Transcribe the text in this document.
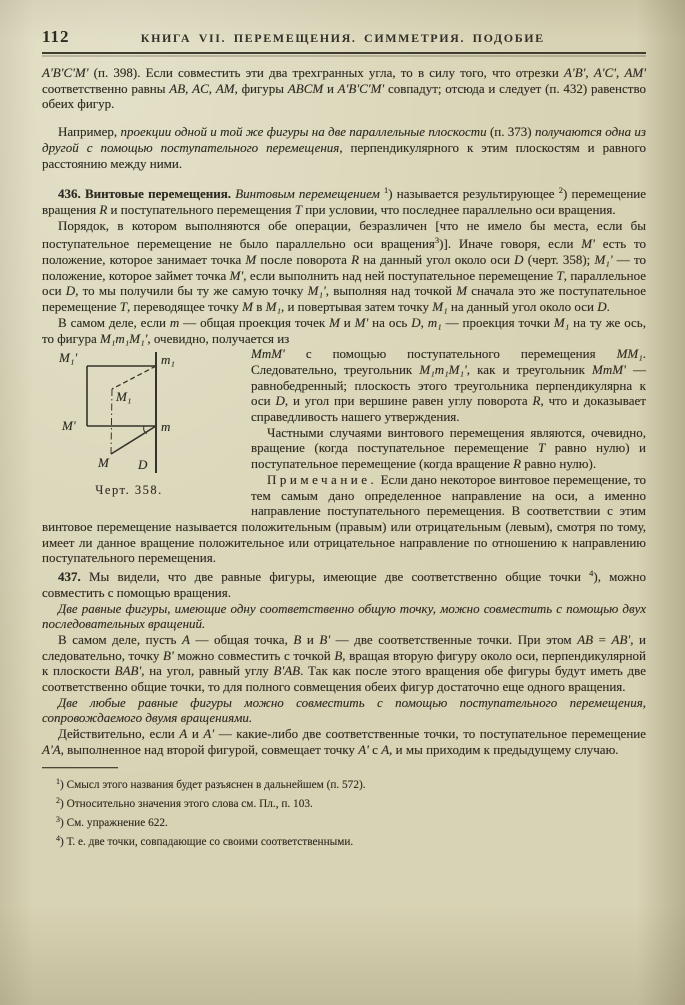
112	КНИГА VII. ПЕРЕМЕЩЕНИЯ. СИММЕТРИЯ. ПОДОБИЕ

A'B'C'M' (п. 398). Если совместить эти два трехгранных угла, то в силу того, что отрезки A'B', A'C', AM' соответственно равны AB, AC, AM, фигуры ABCM и A'B'C'M' совпадут; отсюда и следует (п. 432) равенство обеих фигур.

Например, проекции одной и той же фигуры на две параллельные плоскости (п. 373) получаются одна из другой с помощью поступательного перемещения, перпендикулярного к этим плоскостям и равного расстоянию между ними.

436. Винтовые перемещения. Винтовым перемещением $^1$) называется результирующее $^2$) перемещение вращения R и поступательного перемещения T при условии, что последнее параллельно оси вращения.

Порядок, в котором выполняются обе операции, безразличен [что не имело бы места, если бы поступательное перемещение не было параллельно оси вращения$^3$)]. Иначе говоря, если M' есть то положение, которое занимает точка M после поворота R на данный угол около оси D (черт. 358); M₁' — то положение, которое займет точка M', если выполнить над ней поступательное перемещение T, параллельное оси D, то мы получили бы ту же самую точку M₁', выполняя над точкой M сначала это же поступательное перемещение T, переводящее точку M в M₁, и повертывая затем точку M₁ на данный угол около оси D.

В самом деле, если m — общая проекция точек M и M' на ось D, m₁ — проекция точки M₁ на ту же ось, то фигура M₁m₁M₁', очевидно, получается из

M₁'	m₁
M₁
M'	m
M D
Черт. 358.

MmM' с помощью поступательного перемещения MM₁. Следовательно, треугольник M₁m₁M₁', как и треугольник MmM' — равнобедренный; плоскость этого треугольника перпендикулярна к оси D, и угол при вершине равен углу поворота R, что и доказывает справедливость нашего утверждения.

Частными случаями винтового перемещения являются, очевидно, вращение (когда поступательное перемещение T равно нулю) и поступательное перемещение (когда вращение R равно нулю).

Примечание. Если дано некоторое винтовое перемещение, то тем самым дано определенное направление на оси, а именно направление поступательного перемещения. В соответствии с этим винтовое перемещение называется положительным (правым) или отрицательным (левым), смотря по тому, имеет ли данное вращение положительное или отрицательное направление по отношению к направлению поступательного перемещения.

437. Мы видели, что две равные фигуры, имеющие две соответственно общие точки $^4$), можно совместить с помощью вращения.

Две равные фигуры, имеющие одну соответственно общую точку, можно совместить с помощью двух последовательных вращений.

В самом деле, пусть A — общая точка, B и B' — две соответственные точки. При этом AB = AB', и следовательно, точку B' можно совместить с точкой B, вращая вторую фигуру около оси, перпендикулярной к плоскости BAB', на угол, равный углу B'AB. Так как после этого вращения обе фигуры будут иметь две соответственно общие точки, то для полного совмещения обеих фигур достаточно еще одного вращения.

Две любые равные фигуры можно совместить с помощью поступательного перемещения, сопровождаемого двумя вращениями.

Действительно, если A и A' — какие-либо две соответственные точки, то поступательное перемещение A'A, выполненное над второй фигурой, совмещает точку A' с A, и мы приходим к предыдущему случаю.

$^1$) Смысл этого названия будет разъяснен в дальнейшем (п. 572).

$^2$) Относительно значения этого слова см. Пл., п. 103.

$^3$) См. упражнение 622.

$^4$) Т. е. две точки, совпадающие со своими соответственными.
